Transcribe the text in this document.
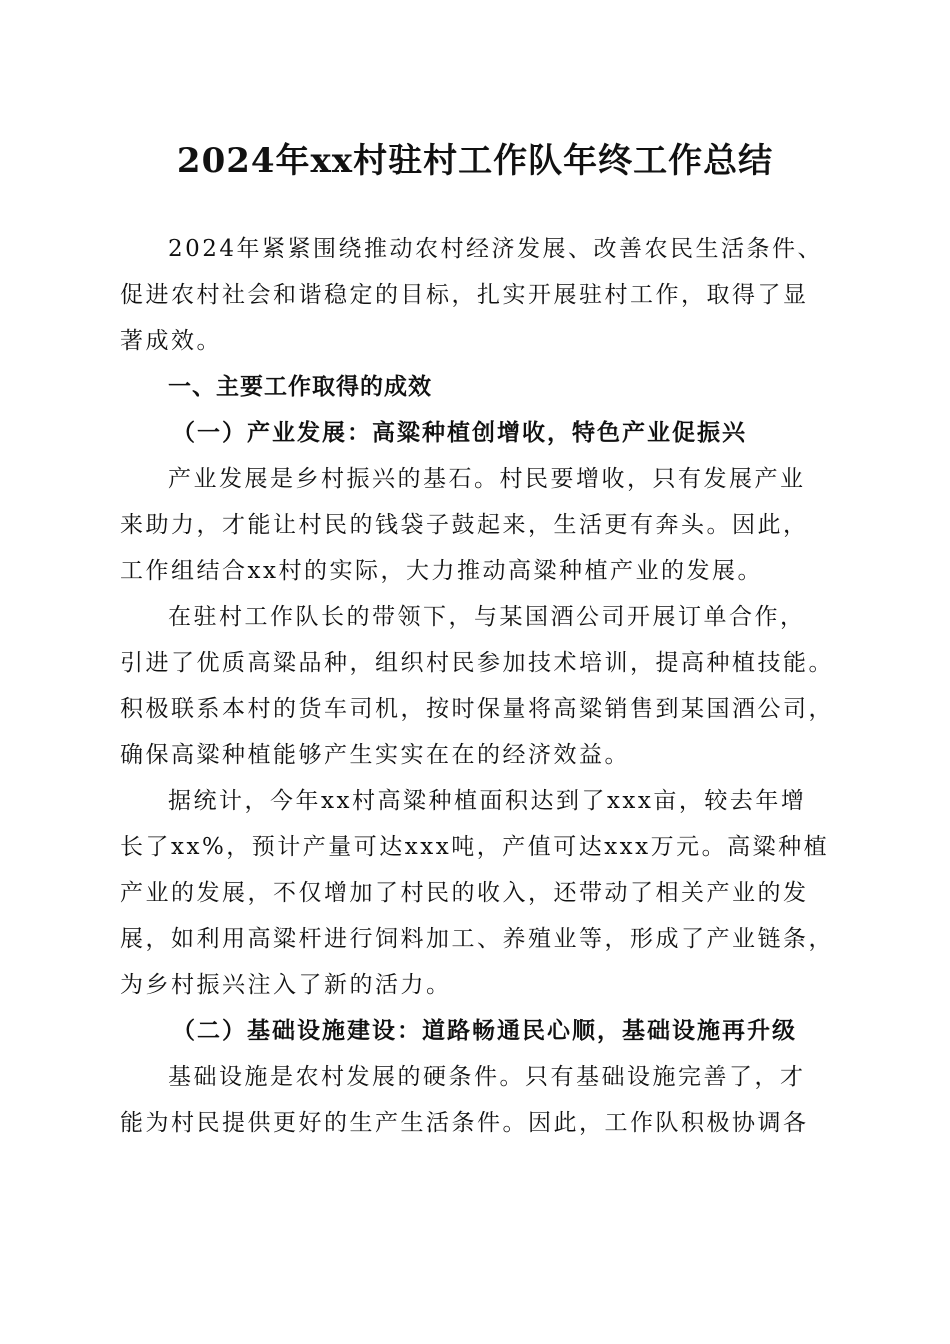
2024年xx村驻村工作队年终工作总结
2024年紧紧围绕推动农村经济发展、改善农民生活条件、
促进农村社会和谐稳定的目标，扎实开展驻村工作，取得了显
著成效。
一、主要工作取得的成效
（一）产业发展：高粱种植创增收，特色产业促振兴
产业发展是乡村振兴的基石。村民要增收，只有发展产业
来助力，才能让村民的钱袋子鼓起来，生活更有奔头。因此，
工作组结合xx村的实际，大力推动高粱种植产业的发展。
在驻村工作队长的带领下，与某国酒公司开展订单合作，
引进了优质高粱品种，组织村民参加技术培训，提高种植技能。
积极联系本村的货车司机，按时保量将高粱销售到某国酒公司，
确保高粱种植能够产生实实在在的经济效益。
据统计，今年xx村高粱种植面积达到了xxx亩，较去年增
长了xx%，预计产量可达xxx吨，产值可达xxx万元。高粱种植
产业的发展，不仅增加了村民的收入，还带动了相关产业的发
展，如利用高粱杆进行饲料加工、养殖业等，形成了产业链条，
为乡村振兴注入了新的活力。
（二）基础设施建设：道路畅通民心顺，基础设施再升级
基础设施是农村发展的硬条件。只有基础设施完善了，才
能为村民提供更好的生产生活条件。因此，工作队积极协调各
